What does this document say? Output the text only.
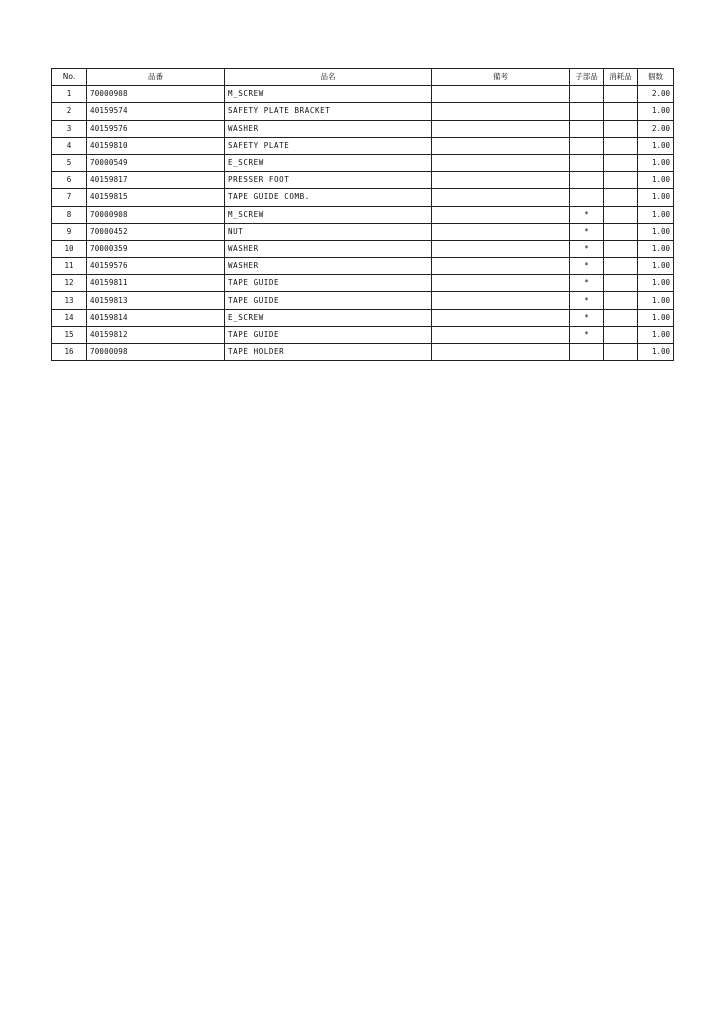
No.	品番	品名	備考	子部品	消耗品	個数
1	70000908	M_SCREW				2.00
2	40159574	SAFETY PLATE BRACKET				1.00
3	40159576	WASHER				2.00
4	40159810	SAFETY PLATE				1.00
5	70000549	E_SCREW				1.00
6	40159817	PRESSER FOOT				1.00
7	40159815	TAPE GUIDE COMB.				1.00
8	70000908	M_SCREW		*		1.00
9	70000452	NUT		*		1.00
10	70000359	WASHER		*		1.00
11	40159576	WASHER		*		1.00
12	40159811	TAPE GUIDE		*		1.00
13	40159813	TAPE GUIDE		*		1.00
14	40159814	E_SCREW		*		1.00
15	40159812	TAPE GUIDE		*		1.00
16	70000098	TAPE HOLDER				1.00
